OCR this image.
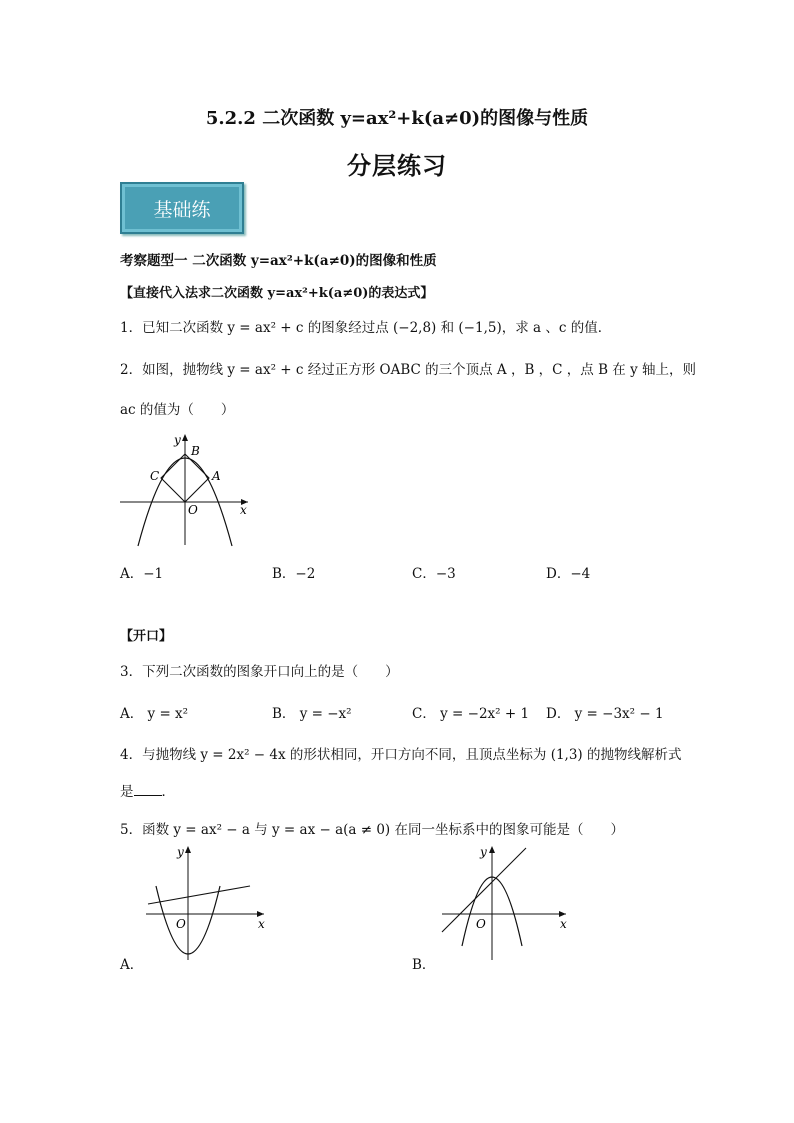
5.2.2 二次函数 y=ax²+k(a≠0)的图像与性质
分层练习
基础练
考察题型一 二次函数 y=ax²+k(a≠0)的图像和性质
【直接代入法求二次函数 y=ax²+k(a≠0)的表达式】
1．已知二次函数 y = ax² + c 的图象经过点 (−2,8) 和 (−1,5)，求 a 、c 的值．
2．如图，抛物线 y = ax² + c 经过正方形 OABC 的三个顶点 A ，B ，C ，点 B 在 y 轴上，则
ac 的值为（　　）
y
x
O
A
B
C
A．−1	B．−2	C．−3	D．−4
【开口】
3．下列二次函数的图象开口向上的是（　　）
A． y = x²	B． y = −x²	C． y = −2x² + 1 D． y = −3x² − 1
4．与抛物线 y = 2x² − 4x 的形状相同，开口方向不同，且顶点坐标为 (1,3) 的抛物线解析式
是 ．
5．函数 y = ax² − a 与 y = ax − a(a ≠ 0) 在同一坐标系中的图象可能是（　　）
y
x
O
A．
y
x
O
B．
